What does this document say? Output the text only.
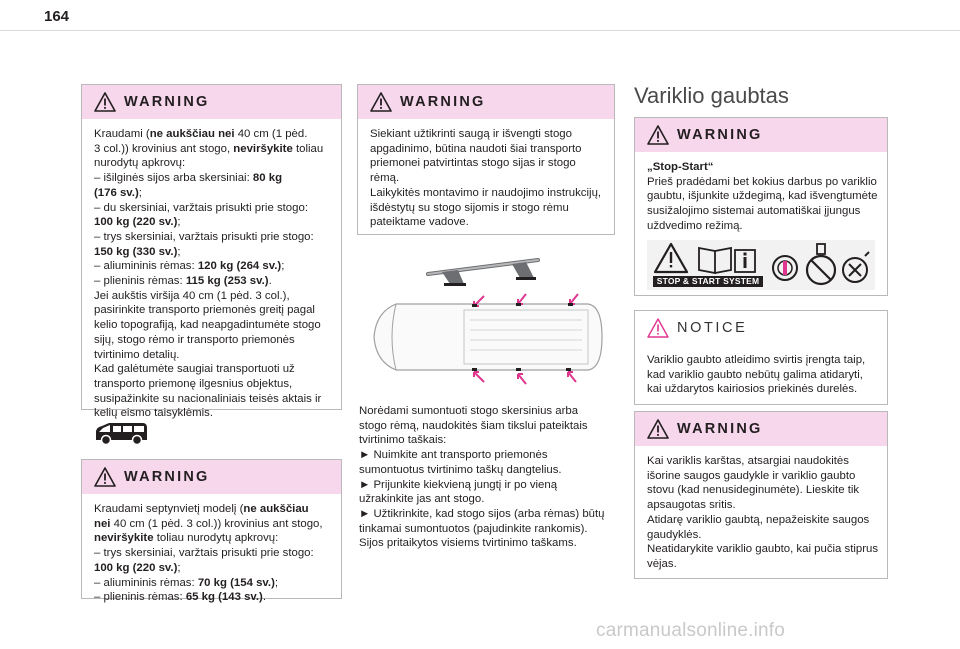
164
WARNING
Kraudami (ne aukščiau nei 40 cm (1 pėd.
3 col.)) krovinius ant stogo, neviršykite toliau
nurodytų apkrovų:
– išilginės sijos arba skersiniai: 80 kg
(176 sv.);
– du skersiniai, varžtais prisukti prie stogo:
100 kg (220 sv.);
– trys skersiniai, varžtais prisukti prie stogo:
150 kg (330 sv.);
– aliumininis rėmas: 120 kg (264 sv.);
– plieninis rėmas: 115 kg (253 sv.).
Jei aukštis viršija 40 cm (1 pėd. 3 col.),
pasirinkite transporto priemonės greitį pagal
kelio topografiją, kad neapgadintumėte stogo
sijų, stogo rėmo ir transporto priemonės
tvirtinimo detalių.
Kad galėtumėte saugiai transportuoti už
transporto priemonę ilgesnius objektus,
susipažinkite su nacionaliniais teisės aktais ir
kelių eismo taisyklėmis.
WARNING
Kraudami septynvietį modelį (ne aukščiau
nei 40 cm (1 pėd. 3 col.)) krovinius ant stogo,
neviršykite toliau nurodytų apkrovų:
– trys skersiniai, varžtais prisukti prie stogo:
100 kg (220 sv.);
– aliumininis rėmas: 70 kg (154 sv.);
– plieninis rėmas: 65 kg (143 sv.).
WARNING
Siekiant užtikrinti saugą ir išvengti stogo
apgadinimo, būtina naudoti šiai transporto
priemonei patvirtintas stogo sijas ir stogo
rėmą.
Laikykitės montavimo ir naudojimo instrukcijų,
išdėstytų su stogo sijomis ir stogo rėmu
pateiktame vadove.
Norėdami sumontuoti stogo skersinius arba
stogo rėmą, naudokitės šiam tikslui pateiktais
tvirtinimo taškais:
► Nuimkite ant transporto priemonės
sumontuotus tvirtinimo taškų dangtelius.
► Prijunkite kiekvieną jungtį ir po vieną
užrakinkite jas ant stogo.
► Užtikrinkite, kad stogo sijos (arba rėmas) būtų
tinkamai sumontuotos (pajudinkite rankomis).
Sijos pritaikytos visiems tvirtinimo taškams.
Variklio gaubtas
WARNING
„Stop-Start“
Prieš pradėdami bet kokius darbus po variklio
gaubtu, išjunkite uždegimą, kad išvengtumėte
susižalojimo sistemai automatiškai įjungus
uždvedimo režimą.
STOP & START SYSTEM
NOTICE
Variklio gaubto atleidimo svirtis įrengta taip,
kad variklio gaubto nebūtų galima atidaryti,
kai uždarytos kairiosios priekinės durelės.
WARNING
Kai variklis karštas, atsargiai naudokitės
išorine saugos gaudykle ir variklio gaubto
stovu (kad nenusideginumėte). Lieskite tik
apsaugotas sritis.
Atidarę variklio gaubtą, nepažeiskite saugos
gaudyklės.
Neatidarykite variklio gaubto, kai pučia stiprus
vėjas.
carmanualsonline.info
